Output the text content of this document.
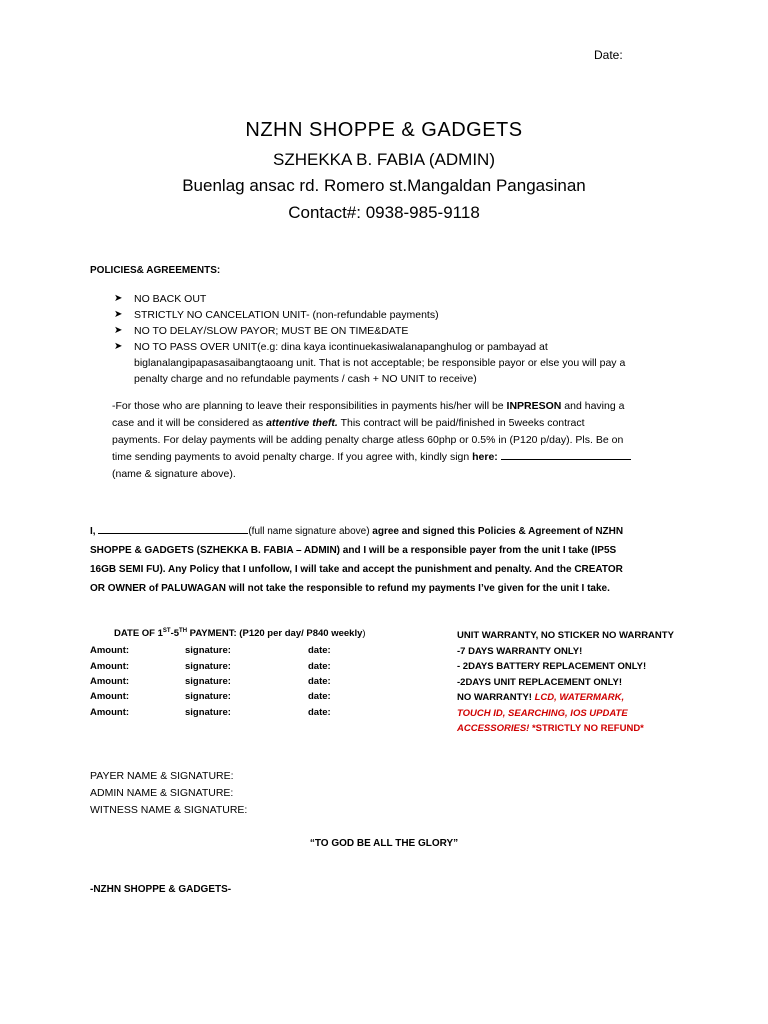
Date:
NZHN SHOPPE & GADGETS
SZHEKKA B. FABIA (ADMIN)
Buenlag ansac rd. Romero st.Mangaldan Pangasinan
Contact#: 0938-985-9118
POLICIES& AGREEMENTS:
➤ NO BACK OUT
➤ STRICTLY NO CANCELATION UNIT- (non-refundable payments)
➤ NO TO DELAY/SLOW PAYOR; MUST BE ON TIME&DATE
➤ NO TO PASS OVER UNIT(e.g: dina kaya icontinuekasiwalanapanghulog or pambayad at
biglanalangipapasasaibangtaoang unit. That is not acceptable; be responsible payor or else you will pay a
penalty charge and no refundable payments / cash + NO UNIT to receive)
-For those who are planning to leave their responsibilities in payments his/her will be INPRESON and having a
case and it will be considered as attentive theft. This contract will be paid/finished in 5weeks contract
payments. For delay payments will be adding penalty charge atless 60php or 0.5% in (P120 p/day). Pls. Be on
time sending payments to avoid penalty charge. If you agree with, kindly sign here:
(name & signature above).
I,	(full name signature above) agree and signed this Policies & Agreement of NZHN
SHOPPE & GADGETS (SZHEKKA B. FABIA – ADMIN) and I will be a responsible payer from the unit I take (IP5S
16GB SEMI FU). Any Policy that I unfollow, I will take and accept the punishment and penalty. And the CREATOR
OR OWNER of PALUWAGAN will not take the responsible to refund my payments I’ve given for the unit I take.
DATE OF 1ST-5TH PAYMENT: (P120 per day/ P840 weekly)
Amount:	signature:	date:
Amount:	signature:	date:
Amount:	signature:	date:
Amount:	signature:	date:
Amount:	signature:	date:
UNIT WARRANTY, NO STICKER NO WARRANTY
-7 DAYS WARRANTY ONLY!
- 2DAYS BATTERY REPLACEMENT ONLY!
-2DAYS UNIT REPLACEMENT ONLY!
NO WARRANTY! LCD, WATERMARK,
TOUCH ID, SEARCHING, IOS UPDATE
ACCESSORIES! *STRICTLY NO REFUND*
PAYER NAME & SIGNATURE:
ADMIN NAME & SIGNATURE:
WITNESS NAME & SIGNATURE:
“TO GOD BE ALL THE GLORY”
-NZHN SHOPPE & GADGETS-
